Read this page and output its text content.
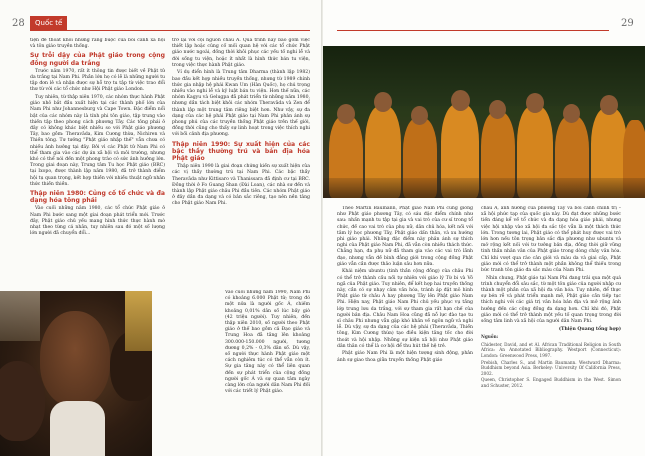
28	Quốc tế

tiện để thoát khỏi những ràng buộc của bối cảnh xã hội và tôn giáo truyền thống.

Sự trỗi dậy của Phật giáo trong cộng đồng người da trắng

Trước năm 1970, rất ít thông tin được biết về Phật tử da trắng tại Nam Phi. Phần lớn họ có lẽ là những người tu tập đơn lẻ và nhận được sự hỗ trợ tu tập từ việc trao đổi thư từ với các tổ chức như Hội Phật giáo London.

Tuy nhiên, từ thập niên 1970, các nhóm thực hành Phật giáo nhỏ bắt đầu xuất hiện tại các thành phố lớn của Nam Phi như Johannesburg và Cape Town. Đặc điểm nổi bật của các nhóm này là tính phi tôn giáo, tập trung vào thiền tập theo phong cách phương Tây. Các tông phái ở đây có không khác biệt nhiều so với Phật giáo phương Tây, bao gồm: Theravāda, Kim Cương thừa, Nichiren và Thiền tông. Tư tưởng "Phật giáo nhập thế" vẫn chưa có nhiều ảnh hưởng tại đây. Bởi vì các Phật tử Nam Phi có thể tham gia vào các dự án xã hội và môi trường, nhưng khó có thể nói đến một phong trào có sức ảnh hưởng lớn. Trong giai đoạn này, Trung tâm Tu học Phật giáo (BRC) tại Ixopo, được thành lập năm 1980, đã trở thành điểm hội tụ quan trọng, kết hợp thiền với nhiều thuật ngữ nhân thức thiền thiền.

Thập niên 1980: Củng cố tổ chức và đa dạng hóa tông phái

Vào cuối những năm 1980, các tổ chức Phật giáo ở Nam Phi bước sang một giai đoạn phát triển mới. Trước đây, Phật giáo chủ yếu mang hình thức thực hành mờ nhạt theo từng cá nhân, tuy nhiên sau đó một số lượng lớn người đã chuyển đổi...

trở lại với cội nguồn châu Á. Quá trình này bao gồm việc thiết lập hoặc củng cố mối quan hệ với các tổ chức Phật giáo nước ngoài, đồng thời khôi phục các yếu tố nghi lễ và đời sống tu viện, hoặc ít nhất là hình thức bán tu viện, trong việc thực hành Phật giáo.

Ví dụ điển hình là Trung tâm Dharma (thành lập 1982) bao đầu kết hợp nhiều truyền thống, nhưng từ 1989 chính thức gia nhập hệ phái Kwan Um (Hàn Quốc), họ chú trọng nhiều vào nghi lễ và kỷ luật bán tu viện. Hơn thế nữa, các nhóm Kagyu và Gelugpa đã phát triển từ những năm 1980, nhưng dần tách biệt khỏi các nhóm Theravāda và Zen để thành lập một trung tâm riêng biệt hơn. Như vậy, sự đa dạng của các hệ phái Phật giáo tại Nam Phi phản ánh sự phong phú của các truyền thống Phật giáo trên thế giới, đồng thời cũng cho thấy sự linh hoạt trong việc thích nghi với bối cảnh địa phương.

Thập niên 1990: Sự xuất hiện của các bậc thầy thường trú và bản địa hóa Phật giáo

Thập niên 1990 là giai đoạn chứng kiến sự xuất hiện của các vị thầy thường trú tại Nam Phi. Các bậc thầy Theravāda như Kittisaro và Thanissara đã định cư tại BRC. Đồng thời ở Fo Guang Shan (Đài Loan), các nhà sư đến và thành lập Phật giáo châu Phi đầu tiên. Các nhóm Phật giáo ở đây dần đa dạng và có bản sắc riêng, tạo nên nền tảng cho Phật giáo Nam Phi.

Vào cuối những năm 1990, Nam Phi có khoảng 6.000 Phật tử; trong đó một nửa là người gốc Á, chiếm khoảng 0,01% dân số lúc bấy giờ (42 triệu người). Tuy nhiên, đến thập niên 2010, số người theo Phật giáo ở thế bao gồm cả Đạo giáo và Trung Hoa đã tăng lên khoảng 300.000-150.000 người, tương đương 0,2% - 0,3% dân số. Dù vậy, số người thực hành Phật giáo một cách nghiêm túc có thể vẫn còn ít. Sự gia tăng này có thể liên quan đến sự phát triển của cộng đồng người gốc Á và sự quan tâm ngày càng lớn của người dân Nam Phi đối với các triết lý Phật giáo.

29

Theo Martin Baumann, Phật giáo Nam Phi cũng giống như Phật giáo phương Tây, có sáu đặc điểm chính như sau: nhấn mạnh tu tập tại gia và vai trò của cư sĩ trong tổ chức, đề cao vai trò của phụ nữ, dân chủ hóa, kết nối với tâm lý học phương Tây, Phật giáo dấn thân, và xu hướng phi giáo phái. Những đặc điểm này phản ánh sự thích nghi của Phật giáo Nam Phi, đã vẫn còn nhiều thách thức. Chẳng hạn, đa phụ nữ đã tham gia vào các vai trò lãnh đạo, nhưng vẫn đề bình đẳng giới trong cộng đồng Phật giáo vẫn cần được thảo luận sâu hơn nữa.

Khái niệm ubuntu (tinh thần cộng đồng) của châu Phi có thể trở thành cầu nối tự nhiên với giáo lý Từ bi và Vô ngã của Phật giáo. Tuy nhiên, để kết hợp hai truyền thống này, cần có sự nhạy cảm văn hóa, tránh áp đặt mô hình Phật giáo từ châu Á hay phương Tây lên Phật giáo Nam Phi. Hiện nay, Phật giáo Nam Phi chủ yếu phục vụ tầng lớp trung lưu da trắng, với sự tham gia rất hạn chế của người bản địa. Châu Nam Hoa cũng đã nỗ lực đào tạo tu sĩ châu Phi nhưng vẫn gặp khó khăn về ngôn ngữ và nghi lễ. Dù vậy, sự đa dạng của các hệ phái (Theravāda, Thiền tông, Kim Cương thừa) tạo điều kiện tăng tốc cho đời thoát và hội nhập. Những sự kiện xã hội như Phật giáo dân thân có thể là cơ hội để thu hút thế hệ trẻ.

Phật giáo Nam Phi là một hiện tượng sinh động, phản ánh sự giao thoa giữa truyền thống Phật giáo

châu Á, ảnh hưởng của phương Tây và bối cảnh chính trị – xã hội phức tạp của quốc gia này. Dù đạt được những bước tiến đáng kể về tổ chức và đa dạng hóa giáo phái, nhưng việc hội nhập vào xã hội đa sắc tộc vẫn là một thách thức lớn. Trong tương lai, Phật giáo có thể phát huy được vai trò lớn hơn nếu tôn trọng bản sắc địa phương như ubuntu và mở rộng kết nối với tư tưởng bản địa, đồng thời giữ vững tinh thần nhân văn của Phật giáo trong dòng chảy văn hóa. Chỉ khi vượt qua rào cản giới và màu da và giai cấp, Phật giáo mới có thể trở thành một phần không thể thiếu trong bức tranh tôn giáo đa sắc màu của Nam Phi.

Nhìn chung, Phật giáo tại Nam Phi đang trải qua một quá trình chuyển đổi sâu sắc, từ một tôn giáo của người nhập cư thành một phần của xã hội đa văn hóa. Tuy nhiên, để thực sự bén rễ và phát triển mạnh mẽ, Phật giáo cần tiếp tục thích nghi với các giá trị văn hóa bản địa và mở rộng ảnh hưởng đến các cộng đồng đa dạng hơn. Chỉ khi đó, Phật giáo mới có thể trở thành một yếu tố quan trọng trong đời sống tâm linh và xã hội của người dân Nam Phi.

(Thiện Quang tổng hợp)

Nguồn:

Chidester, David, and et Al. African Traditional Religion in South Africa: An Annotated Bibliography. Westport (Connecticut): London: Greenwood Press, 1997.

Prebish, Charles S., and Martin Baumann. Westward Dharma: Buddhism beyond Asia. Berkeley: University Of California Press, 2002.

Queen, Christopher S. Engaged Buddhism in the West. Simon and Schuster, 2012.
